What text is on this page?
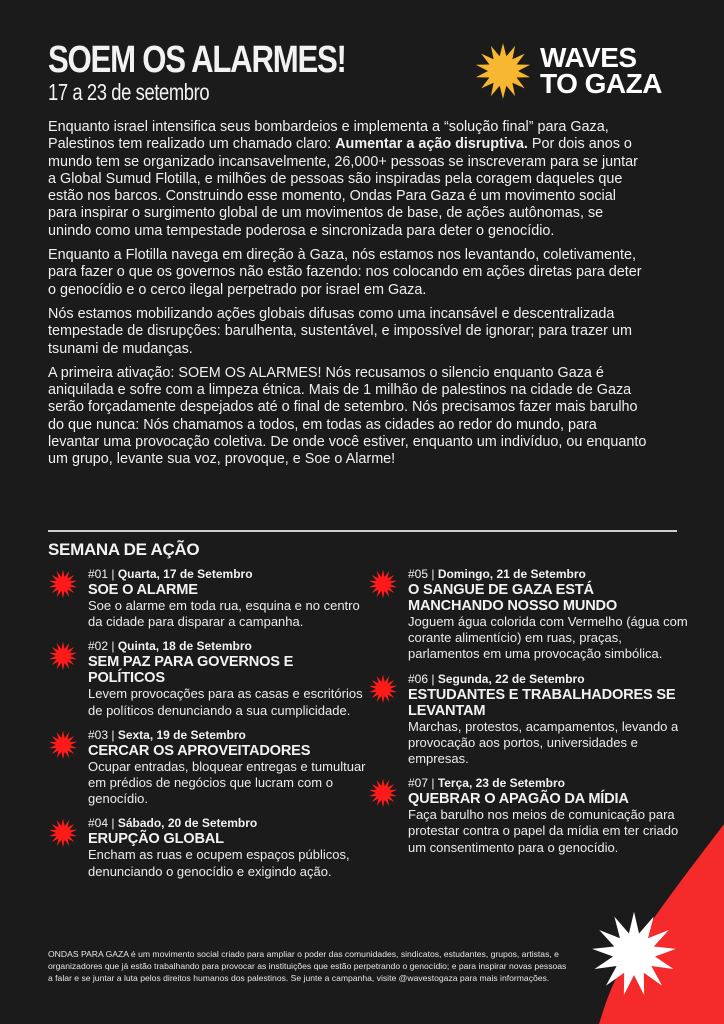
SOEM OS ALARMES!
17 a 23 de setembro
WAVES
TO GAZA

Enquanto israel intensifica seus bombardeios e implementa a “solução final” para Gaza, Palestinos tem realizado um chamado claro: Aumentar a ação disruptiva. Por dois anos o mundo tem se organizado incansavelmente, 26,000+ pessoas se inscreveram para se juntar a Global Sumud Flotilla, e milhões de pessoas são inspiradas pela coragem daqueles que estão nos barcos. Construindo esse momento, Ondas Para Gaza é um movimento social para inspirar o surgimento global de um movimentos de base, de ações autônomas, se unindo como uma tempestade poderosa e sincronizada para deter o genocídio.

Enquanto a Flotilla navega em direção à Gaza, nós estamos nos levantando, coletivamente, para fazer o que os governos não estão fazendo: nos colocando em ações diretas para deter o genocídio e o cerco ilegal perpetrado por israel em Gaza.

Nós estamos mobilizando ações globais difusas como uma incansável e descentralizada tempestade de disrupções: barulhenta, sustentável, e impossível de ignorar; para trazer um tsunami de mudanças.

A primeira ativação: SOEM OS ALARMES! Nós recusamos o silencio enquanto Gaza é aniquilada e sofre com a limpeza étnica. Mais de 1 milhão de palestinos na cidade de Gaza serão forçadamente despejados até o final de setembro. Nós precisamos fazer mais barulho do que nunca: Nós chamamos a todos, em todas as cidades ao redor do mundo, para levantar uma provocação coletiva. De onde você estiver, enquanto um indivíduo, ou enquanto um grupo, levante sua voz, provoque, e Soe o Alarme!

SEMANA DE AÇÃO
#01 | Quarta, 17 de Setembro
SOE O ALARME
Soe o alarme em toda rua, esquina e no centro da cidade para disparar a campanha.
#02 | Quinta, 18 de Setembro
SEM PAZ PARA GOVERNOS E POLÍTICOS
Levem provocações para as casas e escritórios de políticos denunciando a sua cumplicidade.
#03 | Sexta, 19 de Setembro
CERCAR OS APROVEITADORES
Ocupar entradas, bloquear entregas e tumultuar em prédios de negócios que lucram com o genocídio.
#04 | Sábado, 20 de Setembro
ERUPÇÃO GLOBAL
Encham as ruas e ocupem espaços públicos, denunciando o genocídio e exigindo ação.
#05 | Domingo, 21 de Setembro
O SANGUE DE GAZA ESTÁ MANCHANDO NOSSO MUNDO
Joguem água colorida com Vermelho (água com corante alimentício) em ruas, praças, parlamentos em uma provocação simbólica.
#06 | Segunda, 22 de Setembro
ESTUDANTES E TRABALHADORES SE LEVANTAM
Marchas, protestos, acampamentos, levando a provocação aos portos, universidades e empresas.
#07 | Terça, 23 de Setembro
QUEBRAR O APAGÃO DA MÍDIA
Faça barulho nos meios de comunicação para protestar contra o papel da mídia em ter criado um consentimento para o genocídio.
ONDAS PARA GAZA é um movimento social criado para ampliar o poder das comunidades, sindicatos, estudantes, grupos, artistas, e organizadores que já estão trabalhando para provocar as instituições que estão perpetrando o genocídio; e para inspirar novas pessoas a falar e se juntar a luta pelos direitos humanos dos palestinos. Se junte a campanha, visite @wavestogaza para mais informações.
